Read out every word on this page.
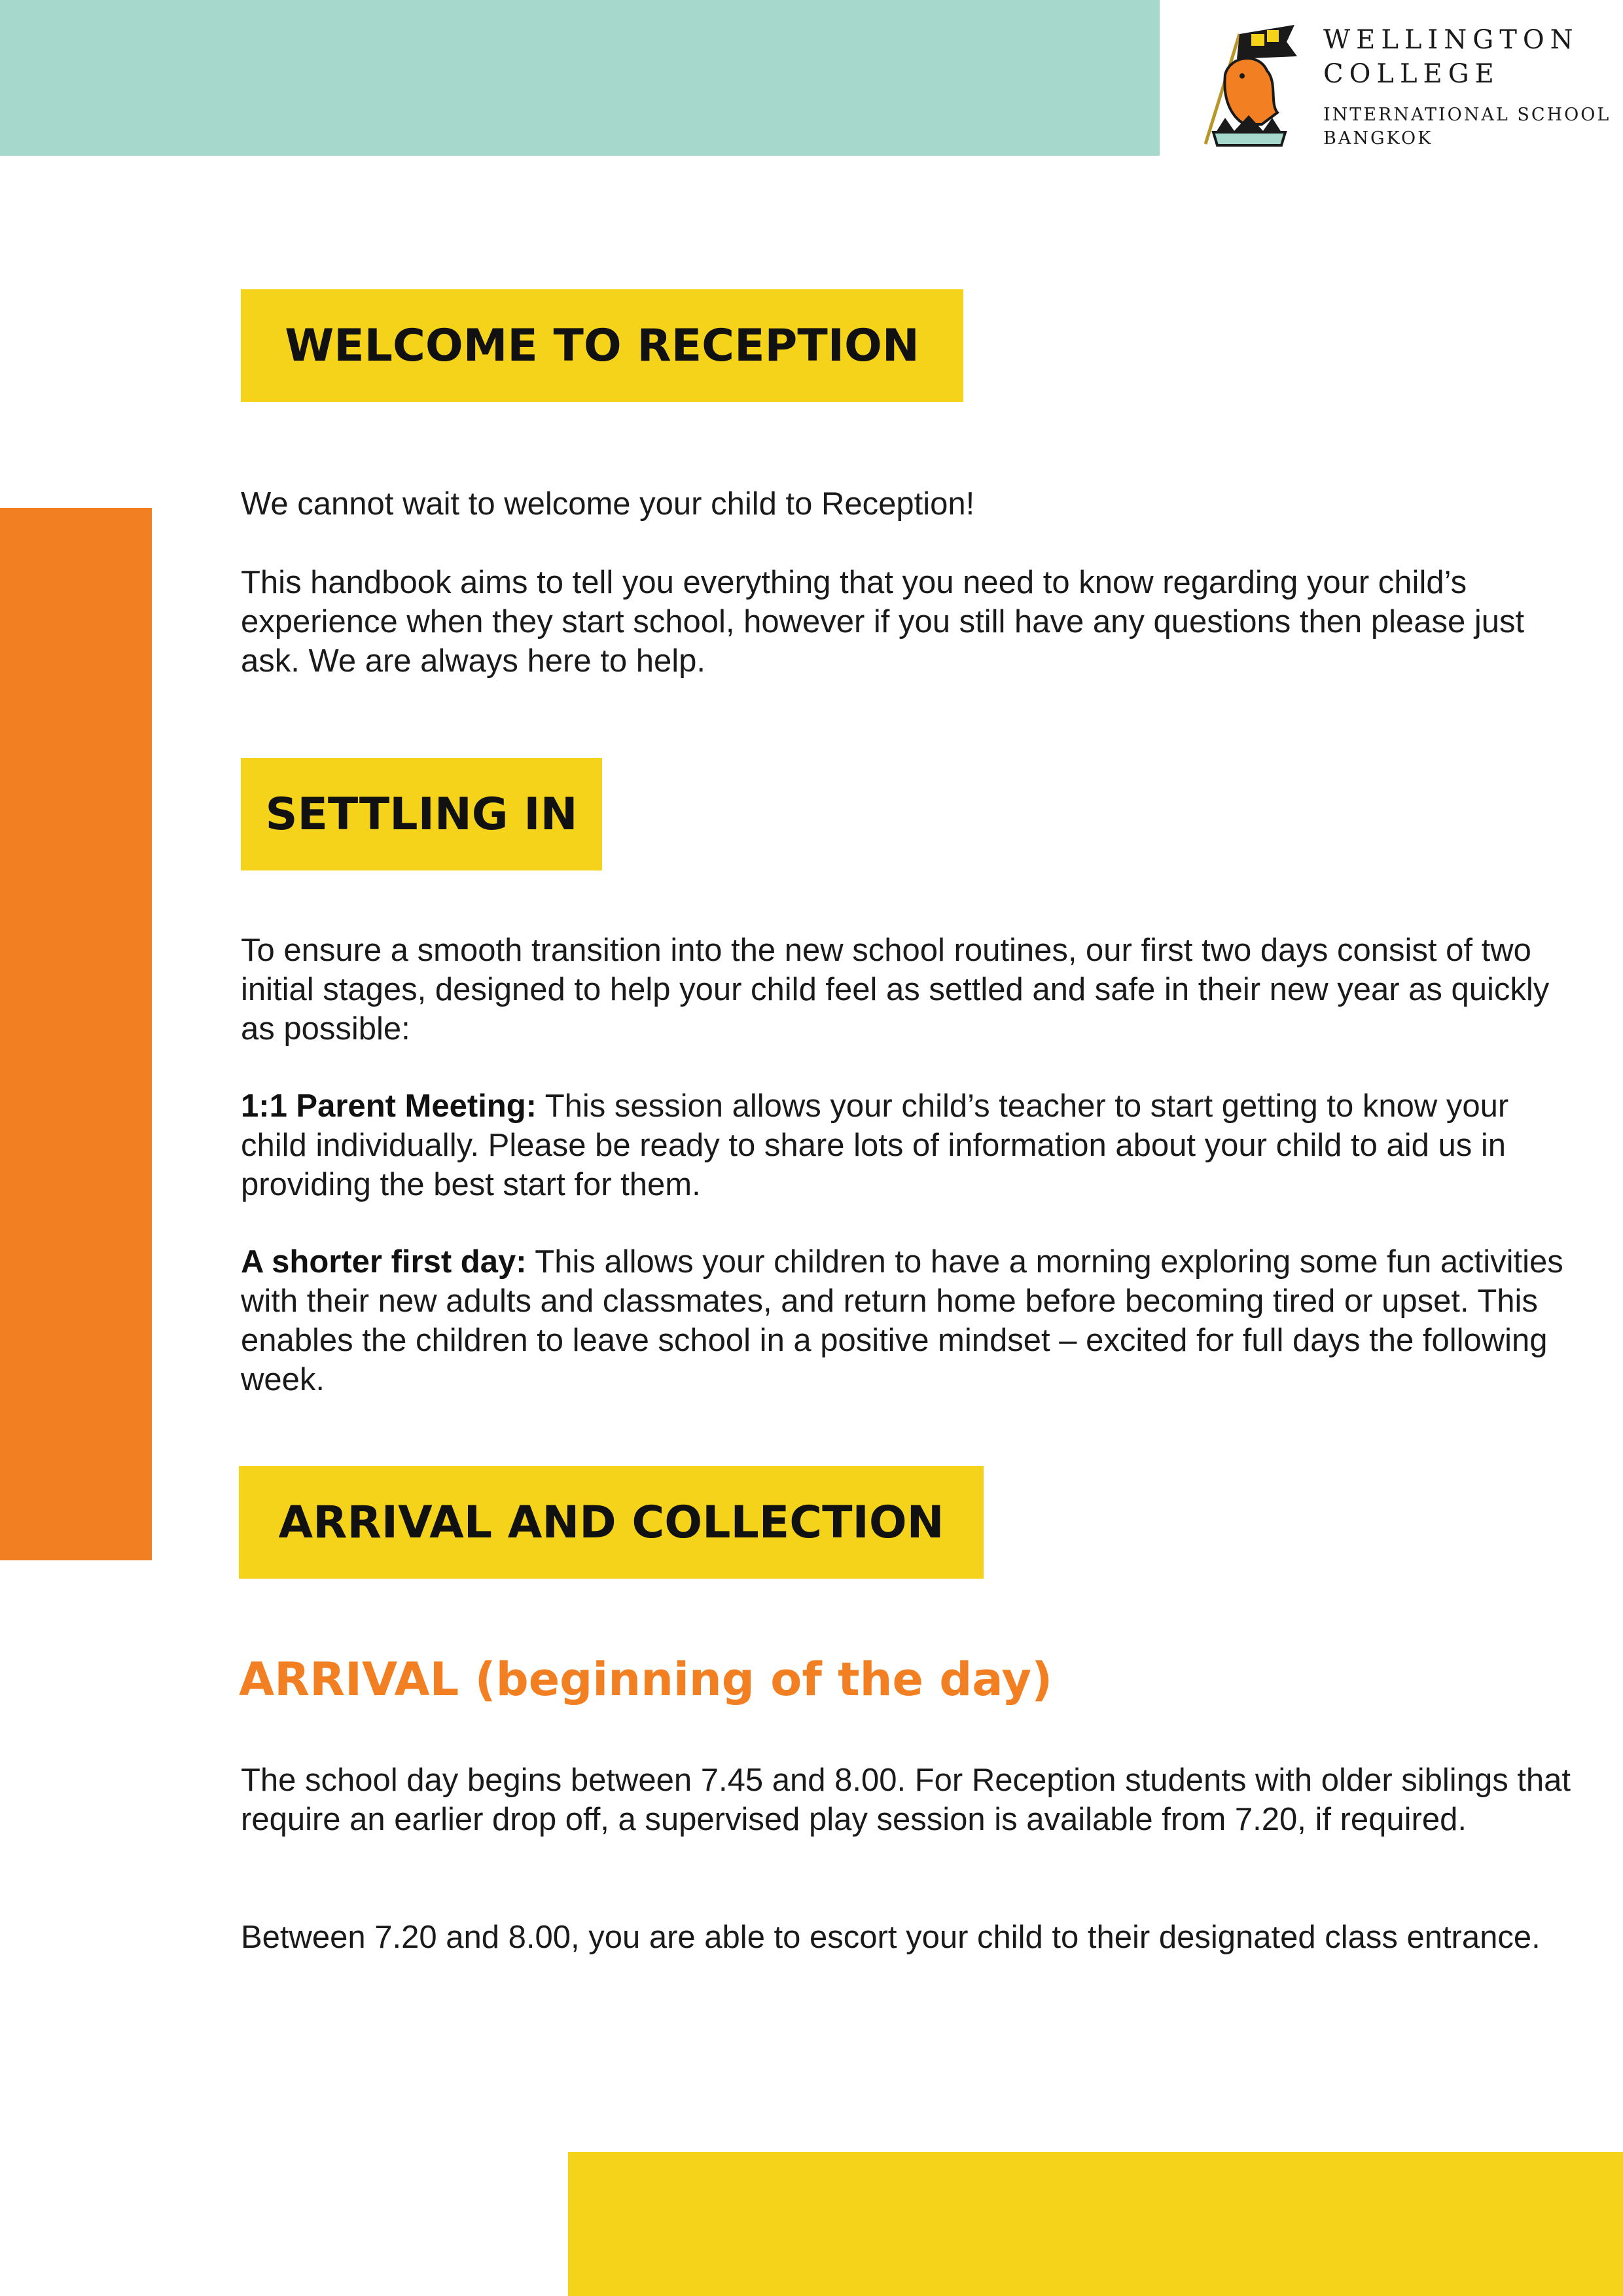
WELLINGTON
COLLEGE
INTERNATIONAL SCHOOL
BANGKOK
WELCOME TO RECEPTION

We cannot wait to welcome your child to Reception!

This handbook aims to tell you everything that you need to know regarding your child’s experience when they start school, however if you still have any questions then please just ask. We are always here to help.

SETTLING IN

To ensure a smooth transition into the new school routines, our first two days consist of two initial stages, designed to help your child feel as settled and safe in their new year as quickly as possible:

1:1 Parent Meeting: This session allows your child’s teacher to start getting to know your child individually. Please be ready to share lots of information about your child to aid us in providing the best start for them.

A shorter first day: This allows your children to have a morning exploring some fun activities with their new adults and classmates, and return home before becoming tired or upset. This enables the children to leave school in a positive mindset – excited for full days the following week.

ARRIVAL AND COLLECTION
ARRIVAL (beginning of the day)

The school day begins between 7.45 and 8.00. For Reception students with older siblings that require an earlier drop off, a supervised play session is available from 7.20, if required.

Between 7.20 and 8.00, you are able to escort your child to their designated class entrance.
